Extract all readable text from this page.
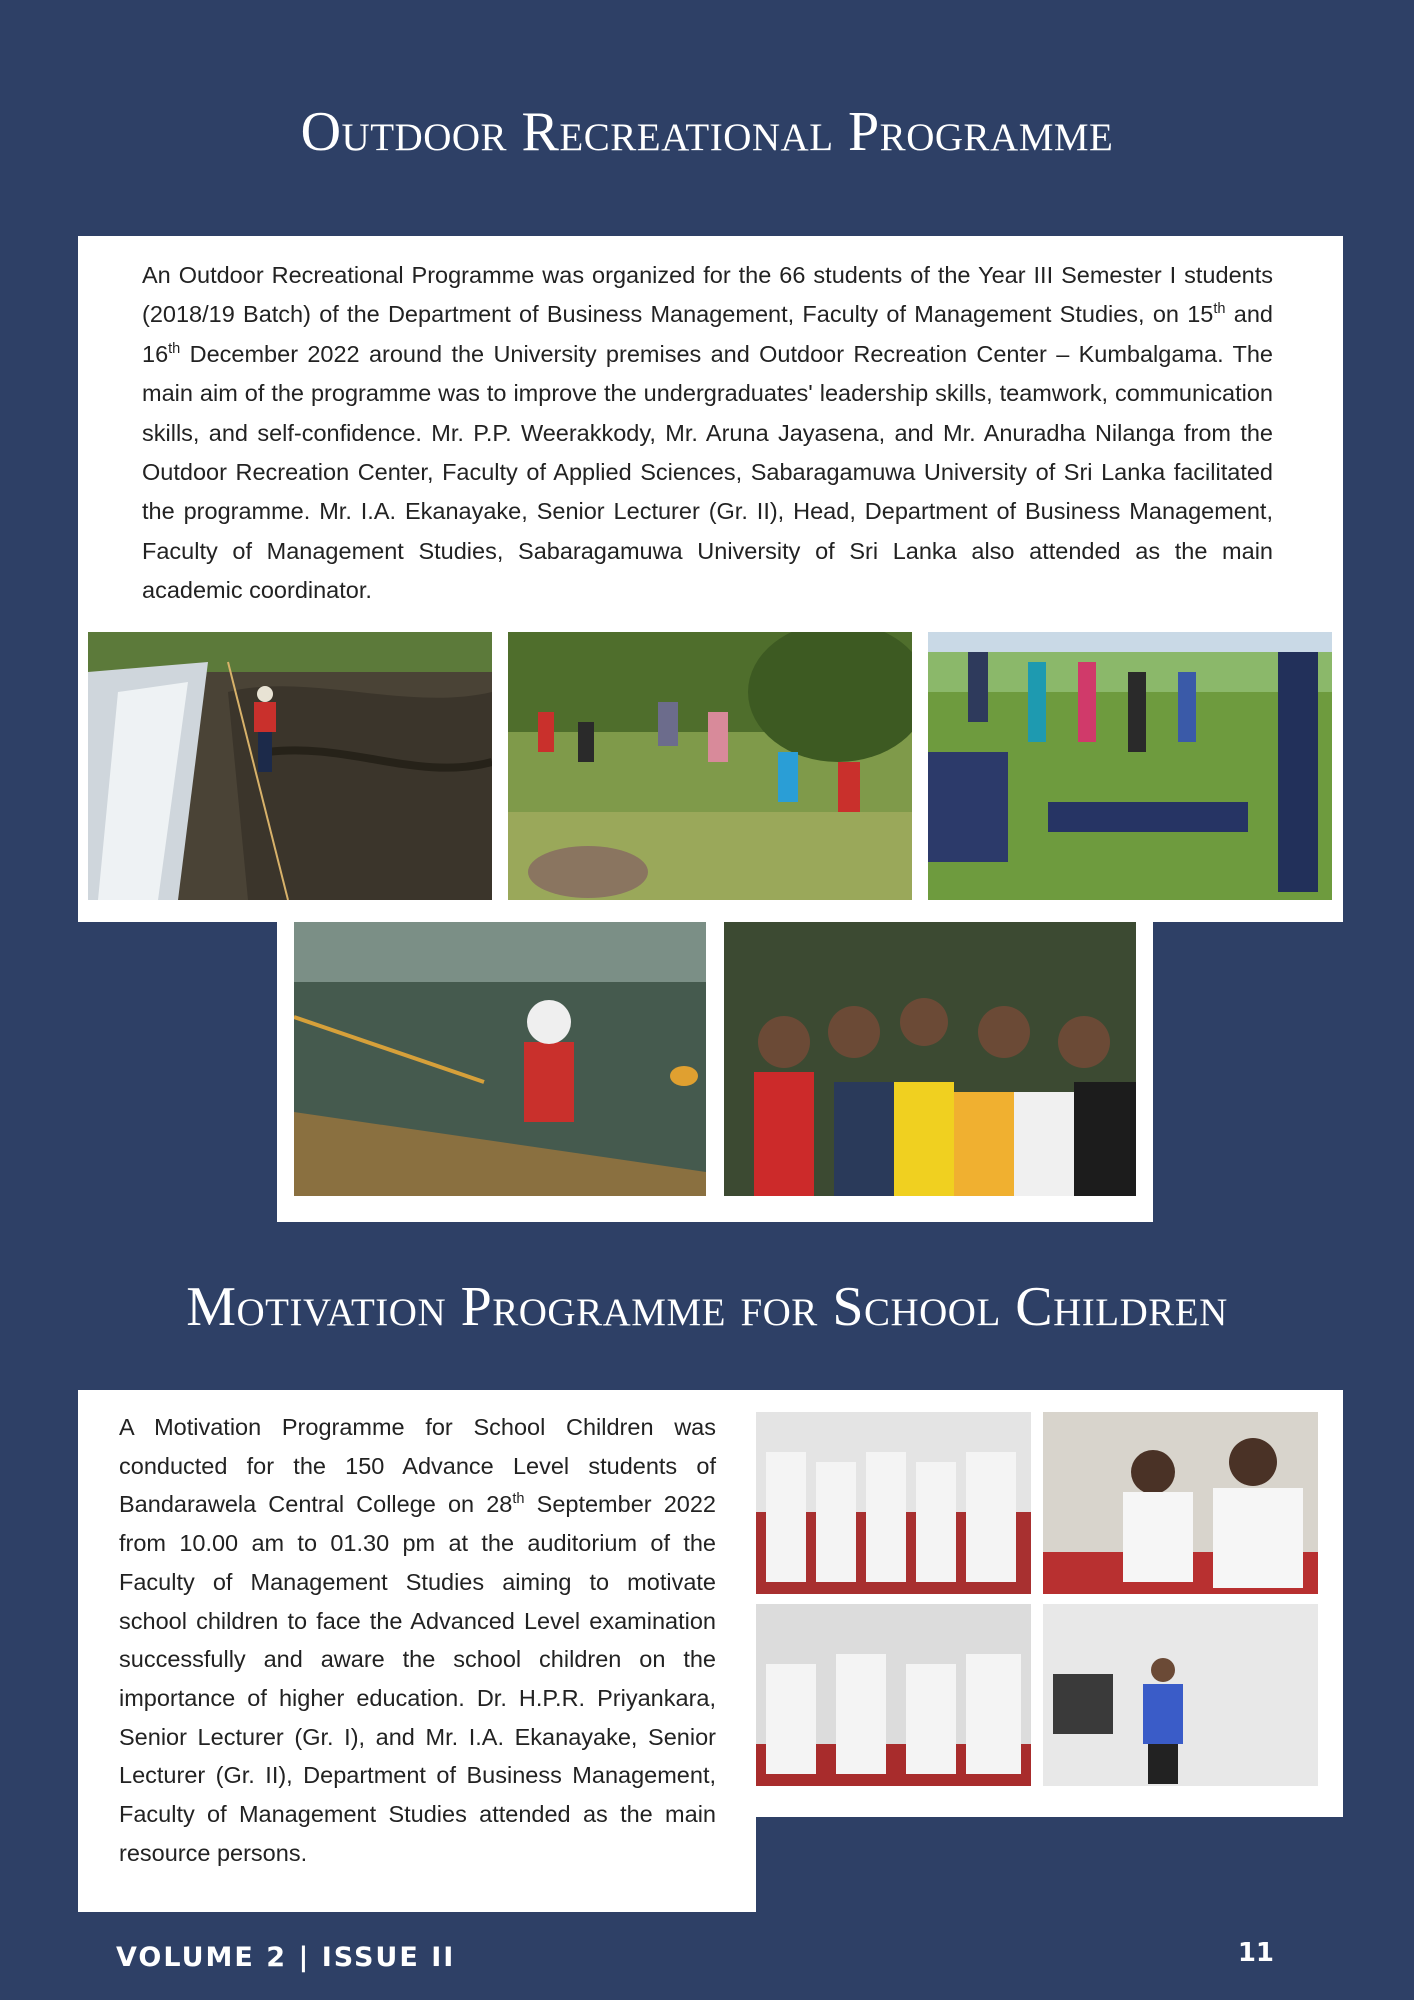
Outdoor Recreational Programme

An Outdoor Recreational Programme was organized for the 66 students of the Year III Semester I students (2018/19 Batch) of the Department of Business Management, Faculty of Management Studies, on 15th and 16th December 2022 around the University premises and Outdoor Recreation Center – Kumbalgama. The main aim of the programme was to improve the undergraduates' leadership skills, teamwork, communication skills, and self-confidence. Mr. P.P. Weerakkody, Mr. Aruna Jayasena, and Mr. Anuradha Nilanga from the Outdoor Recreation Center, Faculty of Applied Sciences, Sabaragamuwa University of Sri Lanka facilitated the programme. Mr. I.A. Ekanayake, Senior Lecturer (Gr. II), Head, Department of Business Management, Faculty of Management Studies, Sabaragamuwa University of Sri Lanka also attended as the main academic coordinator.

Motivation Programme for School Children

A Motivation Programme for School Children was conducted for the 150 Advance Level students of Bandarawela Central College on 28th September 2022 from 10.00 am to 01.30 pm at the auditorium of the Faculty of Management Studies aiming to motivate school children to face the Advanced Level examination successfully and aware the school children on the importance of higher education. Dr. H.P.R. Priyankara, Senior Lecturer (Gr. I), and Mr. I.A. Ekanayake, Senior Lecturer (Gr. II), Department of Business Management, Faculty of Management Studies attended as the main resource persons.

VOLUME 2 | ISSUE II	11
